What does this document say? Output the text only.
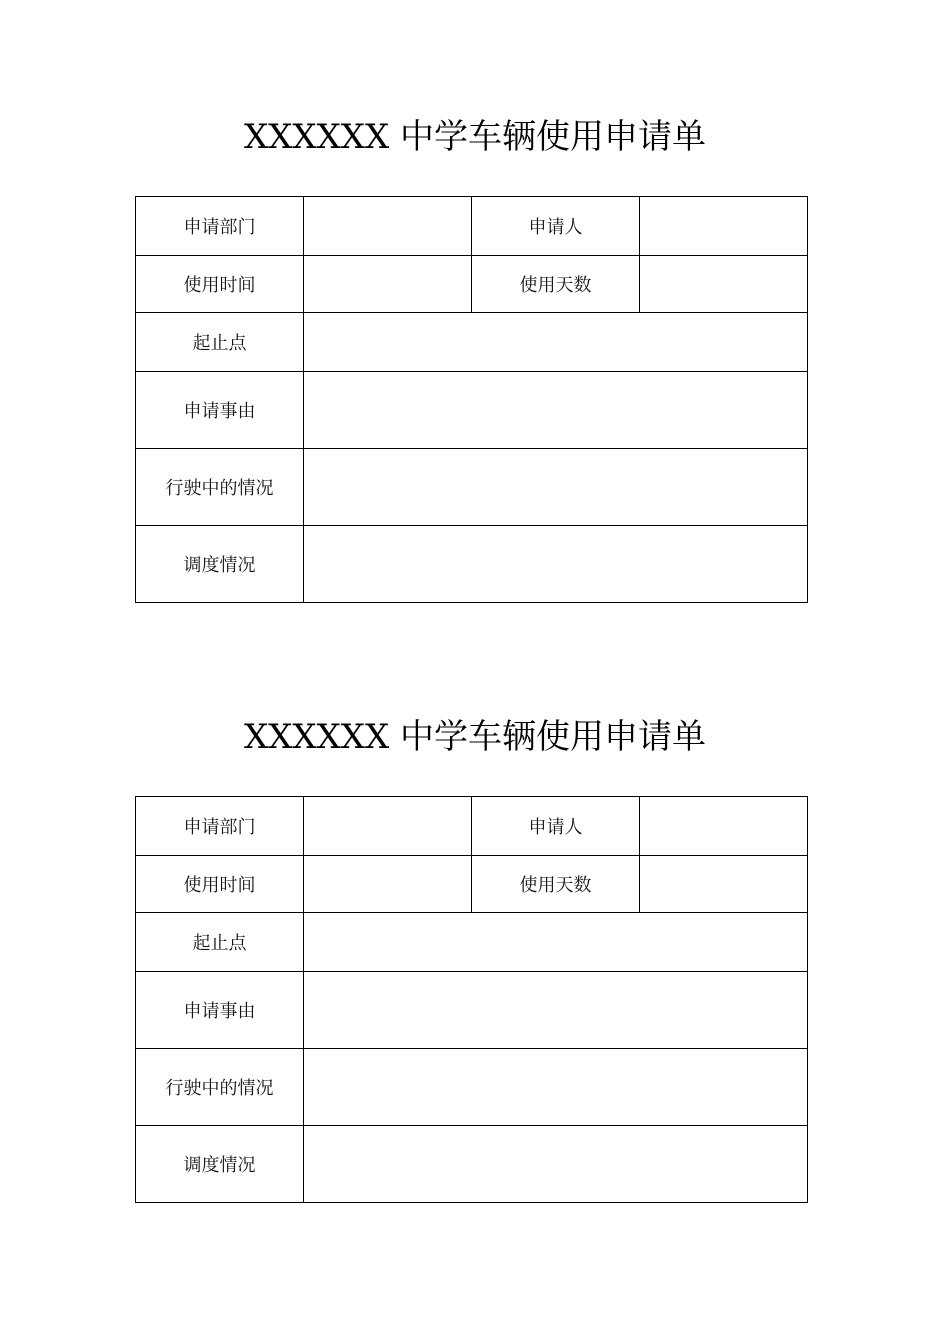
XXXXXX 中学车辆使用申请单
申请部门		申请人	
使用时间		使用天数	
起止点			
申请事由			
行驶中的情况			
调度情况			
XXXXXX 中学车辆使用申请单
申请部门		申请人	
使用时间		使用天数	
起止点			
申请事由			
行驶中的情况			
调度情况			
